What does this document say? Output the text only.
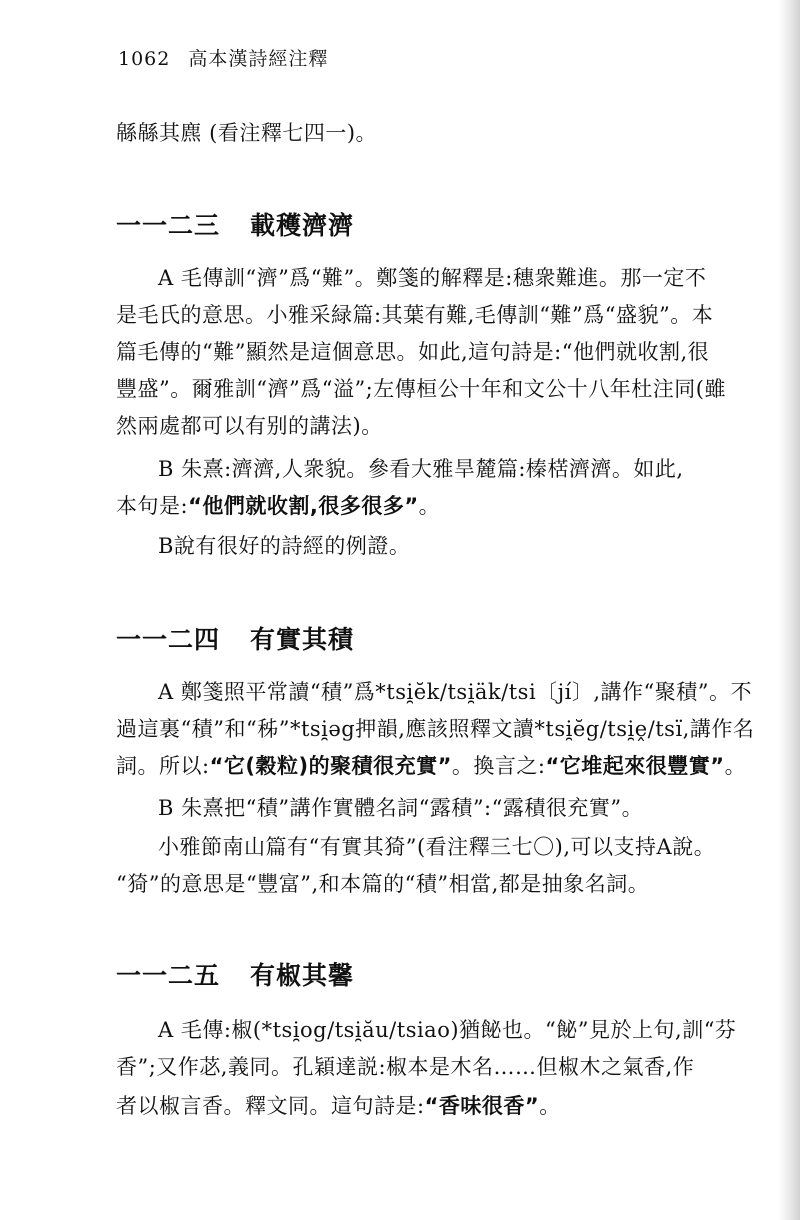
1062 高本漢詩經注釋
緜緜其麃 (看注釋七四一)。
一一二三 載穫濟濟
A 毛傳訓“濟”爲“難”。鄭箋的解釋是:穗衆難進。那一定不
是毛氏的意思。小雅采緑篇:其葉有難,毛傳訓“難”爲“盛貌”。本
篇毛傳的“難”顯然是這個意思。如此,這句詩是:“他們就收割,很
豐盛”。爾雅訓“濟”爲“溢”;左傳桓公十年和文公十八年杜注同(雖
然兩處都可以有别的講法)。
B 朱熹:濟濟,人衆貌。參看大雅旱麓篇:榛楛濟濟。如此,
本句是:“他們就收割,很多很多”。
B說有很好的詩經的例證。
一一二四 有實其積
A 鄭箋照平常讀“積”爲*tsi̯ĕk/tsi̯äk/tsi〔jí〕,講作“聚積”。不
過這裏“積”和“秭”*tsi̯əg押韻,應該照釋文讀*tsi̯ĕg/tsi̯ḙ/tsï,講作名
詞。所以:“它(穀粒)的聚積很充實”。換言之:“它堆起來很豐實”。
B 朱熹把“積”講作實體名詞“露積”:“露積很充實”。
小雅節南山篇有“有實其猗”(看注釋三七〇),可以支持A說。
“猗”的意思是“豐富”,和本篇的“積”相當,都是抽象名詞。
一一二五 有椒其馨
A 毛傳:椒(*tsi̯og/tsi̯ău/tsiao)猶飶也。“飶”見於上句,訓“芬
香”;又作苾,義同。孔穎達説:椒本是木名……但椒木之氣香,作
者以椒言香。釋文同。這句詩是:“香味很香”。
